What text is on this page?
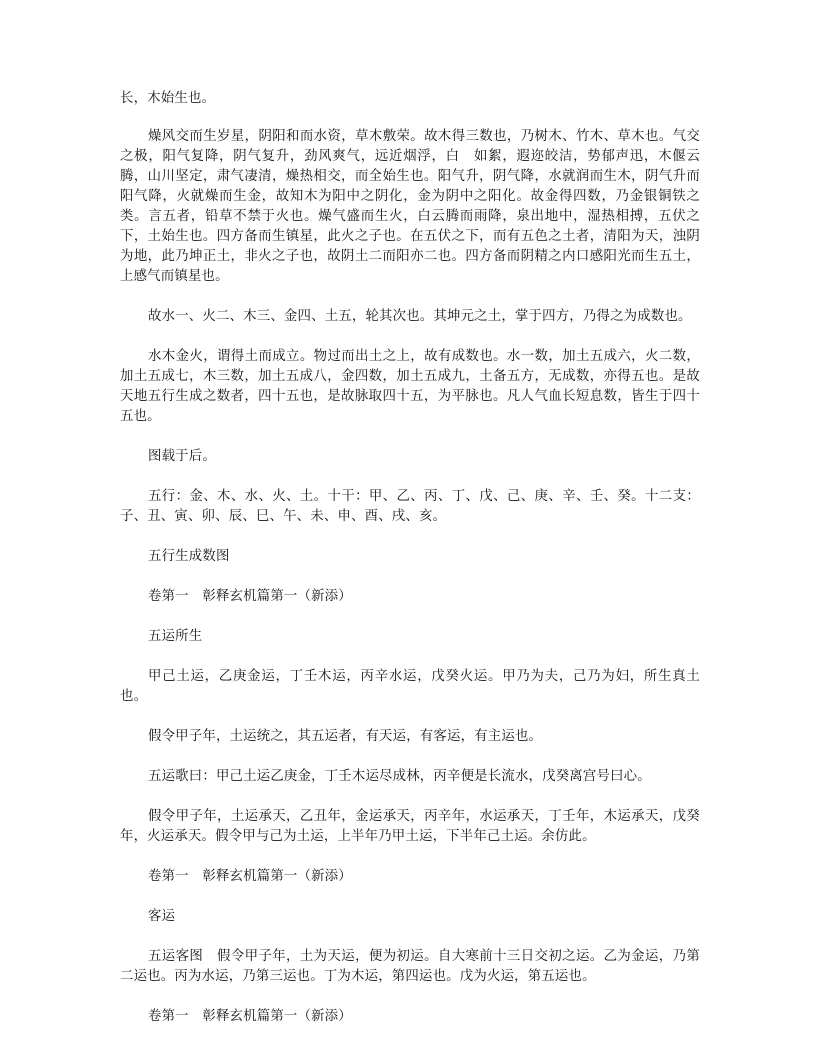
长，木始生也。

燥风交而生岁星，阴阳和而水资，草木敷荣。故木得三数也，乃树木、竹木、草木也。气交之极，阳气复降，阴气复升，劲风爽气，远近烟浮，白　如絮，遐迩皎洁，势郁声迅，木偃云腾，山川坚定，肃气凄清，燥热相交，而全始生也。阳气升，阴气降，水就润而生木，阴气升而阳气降，火就燥而生金，故知木为阳中之阴化，金为阴中之阳化。故金得四数，乃金银铜铁之类。言五者，铅草不禁于火也。燥气盛而生火，白云腾而雨降，泉出地中，湿热相搏，五伏之下，土始生也。四方备而生镇星，此火之子也。在五伏之下，而有五色之土者，清阳为天，浊阴为地，此乃坤正土，非火之子也，故阴土二而阳亦二也。四方备而阴精之内口感阳光而生五土，上感气而镇星也。

故水一、火二、木三、金四、土五，轮其次也。其坤元之土，掌于四方，乃得之为成数也。

水木金火，谓得土而成立。物过而出土之上，故有成数也。水一数，加土五成六，火二数，加土五成七，木三数，加土五成八，金四数，加土五成九，土备五方，无成数，亦得五也。是故天地五行生成之数者，四十五也，是故脉取四十五，为平脉也。凡人气血长短息数，皆生于四十五也。

图载于后。

五行：金、木、水、火、土。十干：甲、乙、丙、丁、戊、己、庚、辛、壬、癸。十二支：子、丑、寅、卯、辰、巳、午、未、申、酉、戌、亥。

五行生成数图

卷第一　彰释玄机篇第一（新添）

五运所生

甲己土运，乙庚金运，丁壬木运，丙辛水运，戊癸火运。甲乃为夫，己乃为妇，所生真土也。

假令甲子年，土运统之，其五运者，有天运，有客运，有主运也。

五运歌曰：甲己土运乙庚金，丁壬木运尽成林，丙辛便是长流水，戊癸离宫号曰心。

假令甲子年，土运承天，乙丑年，金运承天，丙辛年，水运承天，丁壬年，木运承天，戊癸年，火运承天。假令甲与己为土运，上半年乃甲土运，下半年己土运。余仿此。

卷第一　彰释玄机篇第一（新添）

客运

五运客图　假令甲子年，土为天运，便为初运。自大寒前十三日交初之运。乙为金运，乃第二运也。丙为水运，乃第三运也。丁为木运，第四运也。戊为火运，第五运也。

卷第一　彰释玄机篇第一（新添）
